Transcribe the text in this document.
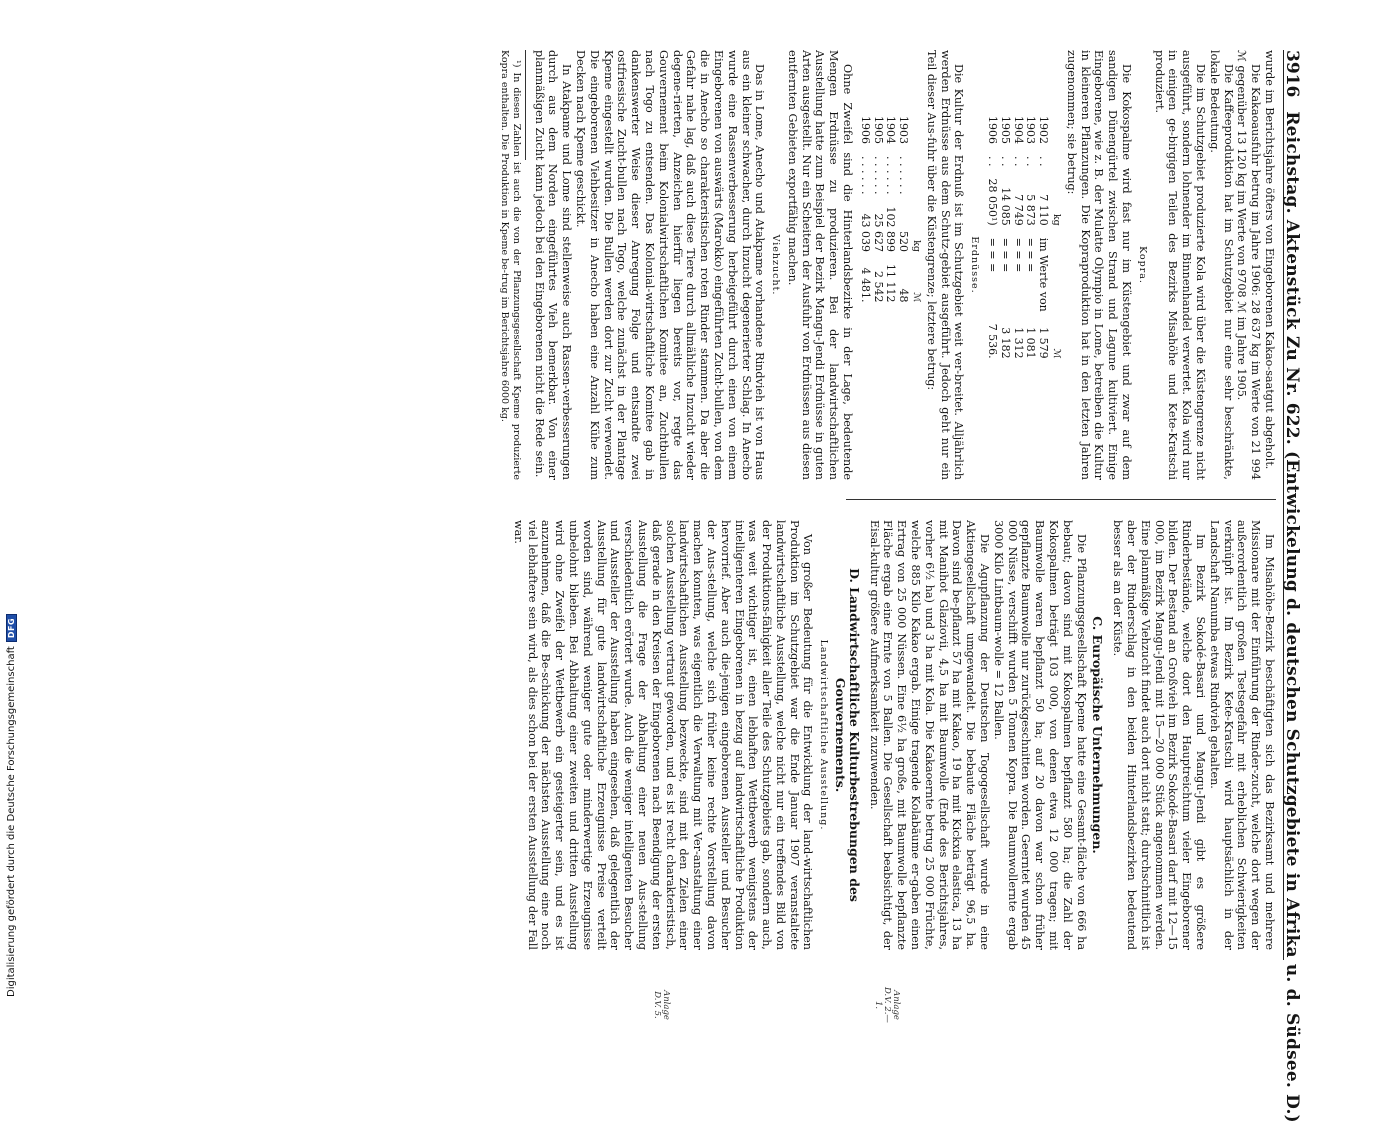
3916
Reichstag. Aktenstück Zu Nr. 622. (Entwickelung d. deutschen Schutzgebiete in Afrika u. d. Südsee. D.)

wurde im Berichtsjahre öfters von Eingeborenen Kakao-saatgut abgeholt.

Die Kakaoausfuhr betrug im Jahre 1906: 28 637 kg im Werte von 21 994 ℳ gegenüber 13 120 kg im Werte von 9708 ℳ im Jahre 1905.

Die Kaffeeproduktion hat im Schutzgebiet nur eine sehr beschränkte, lokale Bedeutung.

Die im Schutzgebiet produzierte Kola wird über die Küstengrenze nicht ausgeführt, sondern lohnender im Binnenhandel verwertet. Kola wird nur in einigen ge-birgigen Teilen des Bezirks Misahöhe und Kete-Kratschi produziert.

Kopra.

Die Kokospalme wird fast nur im Küstengebiet und zwar auf dem sandigen Dünengürtel zwischen Strand und Lagune kultiviert. Einige Eingeborene, wie z. B. der Mulatte Olympio in Lome, betreiben die Kultur in kleineren Pflanzungen. Die Kopraproduktion hat in den letzten Jahren zugenommen; sie betrug:

		kg		ℳ
1902	. .	7 110	im Werte von	1 579
1903	. .	5 873	= = =	1 081
1904	. .	7 749	= = =	1 312
1905	. .	14 085	= = =	3 182
1906	. .	28 050¹)	= = =	7 536.
Erdnüsse.

Die Kultur der Erdnuß ist im Schutzgebiet weit ver-breitet. Alljährlich werden Erdnüsse aus dem Schutz-gebiet ausgeführt. Jedoch geht nur ein Teil dieser Aus-fuhr über die Küstengrenze; letztere betrug:

		kg	ℳ
1903	. . . . . .	520	48
1904	. . . . . .	102 899	11 112
1905	. . . . . .	25 627	2 542
1906	. . . . . .	43 039	4 481.

Ohne Zweifel sind die Hinterlandsbezirke in der Lage, bedeutende Mengen Erdnüsse zu produzieren. Bei der landwirtschaftlichen Ausstellung hatte zum Beispiel der Bezirk Mangu-Jendi Erdnüsse in guten Arten ausgestellt. Nur ein Scheitern der Ausfuhr von Erdnüssen aus diesen entfernten Gebieten exportfähig machen.

Viehzucht.

Das in Lome, Anecho und Atakpame vorhandene Rindvieh ist von Haus aus ein kleiner schwacher, durch Inzucht degenerierter Schlag. In Anecho wurde eine Rassenverbesserung herbeigeführt durch einen von einem Eingeborenen von auswärts (Marokko) eingeführten Zucht-bullen, von dem die in Anecho so charakteristischen roten Rinder stammen. Da aber die Gefahr nahe lag, daß auch diese Tiere durch allmähliche Inzucht wieder degene-rierten, Anzeichen hierfür liegen bereits vor, regte das Gouvernement beim Kolonialwirtschaftlichen Komitee an, Zuchtbullen nach Togo zu entsenden. Das Kolonial-wirtschaftliche Komitee gab in dankenswerter Weise dieser Anregung Folge und entsandte zwei ostfriesische Zucht-bullen nach Togo, welche zunächst in der Plantage Kpeme eingestellt wurden. Die Bullen werden dort zur Zucht verwendet. Die eingeborenen Viehbesitzer in Anecho haben eine Anzahl Kühe zum Decken nach Kpeme geschickt.

In Atakpame und Lome sind stellenweise auch Rassen-verbesserungen durch aus dem Norden eingeführtes Vieh bemerkbar. Von einer planmäßigen Zucht kann jedoch bei den Eingeborenen nicht die Rede sein.

¹) In diesen Zahlen ist auch die von der Pflanzungsgesellschaft Kpeme produzierte Kopra enthalten. Die Produktion in Kpeme be-trug im Berichtsjahre 6000 kg.

Im Misahöhe-Bezirk beschäftigten sich das Bezirksamt und mehrere Missionare mit der Einführung der Rinder-zucht, welche dort wegen der außerordentlich großen Tsetsegefahr mit erheblichen Schwierigkeiten verknüpft ist. Im Bezirk Kete-Kratschi wird hauptsächlich in der Landschaft Nanumba etwas Rindvieh gehalten.

Im Bezirk Sokodé-Basari und Mangu-Jendi gibt es größere Rinderbestände, welche dort den Hauptreichtum vieler Eingeborener bilden. Der Bestand an Großvieh im Bezirk Sokodé-Basari darf mit 12—15 000, im Bezirk Mangu-Jendi mit 15—20 000 Stück angenommen werden. Eine planmäßige Viehzucht findet auch dort nicht statt; durchschnittlich ist aber der Rinderschlag in den beiden Hinterlandsbezirken bedeutend besser als an der Küste.

C. Europäische Unternehmungen.

Die Pflanzungsgesellschaft Kpeme hatte eine Gesamt-fläche von 666 ha bebaut; davon sind mit Kokospalmen bepflanzt 580 ha; die Zahl der Kokospalmen beträgt 103 000, von denen etwa 12 000 tragen; mit Baumwolle waren bepflanzt 50 ha; auf 20 davon war schon früher gepflanzte Baumwolle nur zurückgeschnitten worden. Geerntet wurden 45 000 Nüsse, verschifft wurden 5 Tonnen Kopra. Die Baumwollernte ergab 3000 Kilo Lintbaum-wolle = 12 Ballen.

Die Agupflanzung der Deutschen Togogesellschaft wurde in eine Aktiengesellschaft umgewandelt. Die bebaute Fläche beträgt 96,5 ha. Davon sind be-pflanzt 57 ha mit Kakao, 19 ha mit Kickxia elastica, 13 ha mit Manihot Glaziovii, 4,5 ha mit Baumwolle (Ende des Berichtsjahres, vorher 6½ ha) und 3 ha mit Kola. Die Kakaoernte betrug 25 000 Früchte, welche 885 Kilo Kakao ergab. Einige tragende Kolabäume er-gaben einen Ertrag von 25 000 Nüssen. Eine 6½ ha große, mit Baumwolle bepflanzte Fläche ergab eine Ernte von 5 Ballen. Die Gesellschaft beabsichtigt, der Eisal-kultur größere Aufmerksamkeit zuzuwenden.

D. Landwirtschaftliche Kulturbestrebungen des Gouvernements.
Landwirtschaftliche Ausstellung.

Von großer Bedeutung für die Entwicklung der land-wirtschaftlichen Produktion im Schutzgebiet war die Ende Januar 1907 veranstaltete landwirtschaftliche Ausstellung, welche nicht nur ein treffendes Bild von der Produktions-fähigkeit aller Teile des Schutzgebiets gab, sondern auch, was weit wichtiger ist, einen lebhaften Wettbewerb wenigstens der intelligenteren Eingeborenen in bezug auf landwirtschaftliche Produktion hervorrief. Aber auch die-jenigen eingeborenen Aussteller und Besucher der Aus-stellung, welche sich früher keine rechte Vorstellung davon machen konnten, was eigentlich die Verwaltung mit Ver-anstaltung einer landwirtschaftlichen Ausstellung bezweckte, sind mit den Zielen einer solchen Ausstellung vertraut geworden, und es ist recht charakteristisch, daß gerade in den Kreisen der Eingeborenen nach Beendigung der ersten Ausstellung die Frage der Abhaltung einer neuen Aus-stellung verschiedentlich erörtert wurde. Auch die weniger intelligenten Besucher und Aussteller der Ausstellung haben eingesehen, daß gelegentlich der Ausstellung für gute landwirtschaftliche Erzeugnisse Preise verteilt worden sind, während weniger gute oder minderwertige Erzeugnisse unbelohnt blieben. Bei Abhaltung einer zweiten und dritten Ausstellung wird ohne Zweifel der Wettbewerb ein gesteigerter sein, und es ist anzunehmen, daß die Be-schickung der nächsten Ausstellung eine noch viel lebhaftere sein wird, als dies schon bei der ersten Ausstellung der Fall war.

Anlage D.V. 2.—1.
Anlage D.V. 5.
Digitalisierung gefördert durch die Deutsche Forschungsgemeinschaft
DFG
